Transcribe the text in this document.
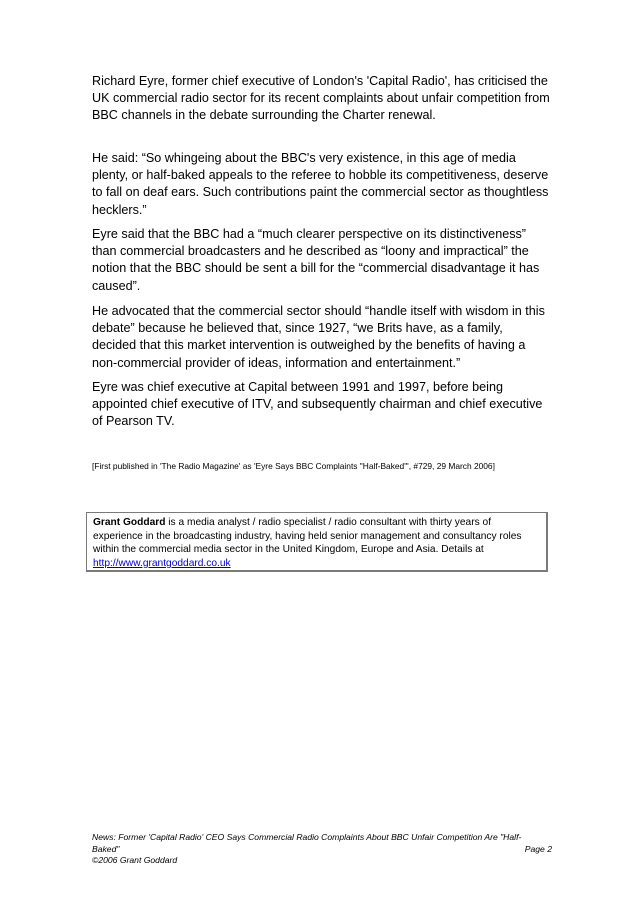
Richard Eyre, former chief executive of London's 'Capital Radio', has criticised the UK commercial radio sector for its recent complaints about unfair competition from BBC channels in the debate surrounding the Charter renewal.

He said: “So whingeing about the BBC's very existence, in this age of media plenty, or half-baked appeals to the referee to hobble its competitiveness, deserve to fall on deaf ears. Such contributions paint the commercial sector as thoughtless hecklers.”

Eyre said that the BBC had a “much clearer perspective on its distinctiveness” than commercial broadcasters and he described as “loony and impractical” the notion that the BBC should be sent a bill for the “commercial disadvantage it has caused”.

He advocated that the commercial sector should “handle itself with wisdom in this debate” because he believed that, since 1927, “we Brits have, as a family, decided that this market intervention is outweighed by the benefits of having a non-commercial provider of ideas, information and entertainment.”

Eyre was chief executive at Capital between 1991 and 1997, before being appointed chief executive of ITV, and subsequently chairman and chief executive of Pearson TV.

[First published in 'The Radio Magazine' as 'Eyre Says BBC Complaints "Half-Baked"', #729, 29 March 2006]
Grant Goddard is a media analyst / radio specialist / radio consultant with thirty years of experience in the broadcasting industry, having held senior management and consultancy roles within the commercial media sector in the United Kingdom, Europe and Asia. Details at http://www.grantgoddard.co.uk
News: Former 'Capital Radio' CEO Says Commercial Radio Complaints About BBC Unfair Competition Are "Half-
Baked"	Page 2
©2006 Grant Goddard
